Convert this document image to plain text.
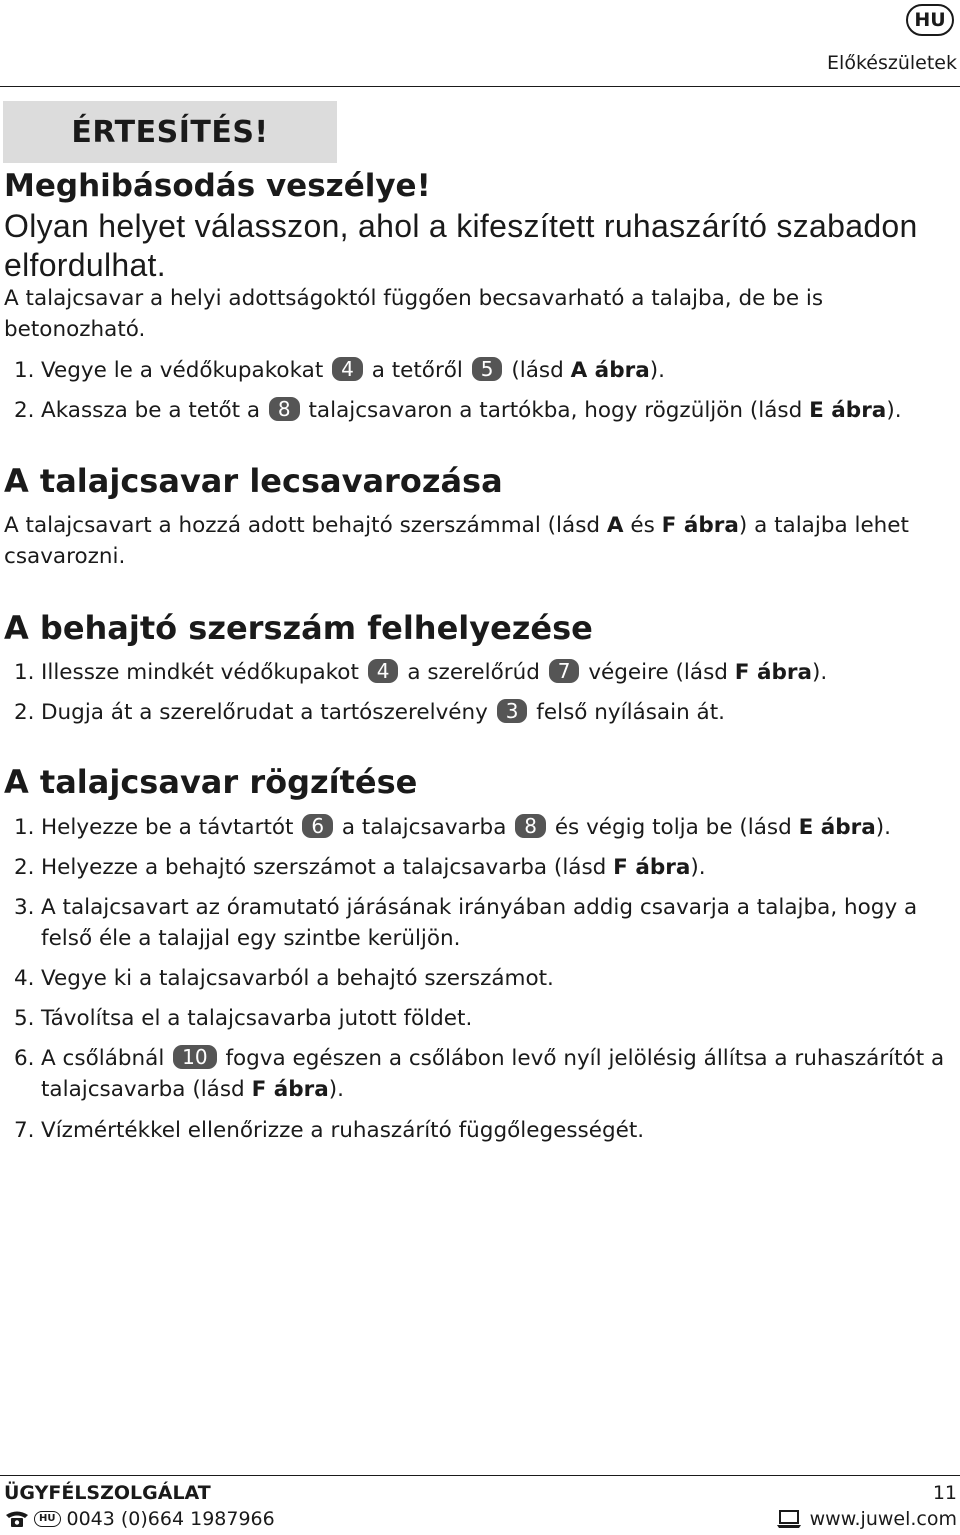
HU
Előkészületek
ÉRTESÍTÉS!
Meghibásodás veszélye!
Olyan helyet válasszon, ahol a kifeszített ruhaszárító szabadon
elfordulhat.
A talajcsavar a helyi adottságoktól függően becsavarható a talajba, de be is betonozható.
1. Vegye le a védőkupakokat 4 a tetőről 5 (lásd A ábra).
2. Akassza be a tetőt a 8 talajcsavaron a tartókba, hogy rögzüljön (lásd E ábra).
A talajcsavar lecsavarozása
A talajcsavart a hozzá adott behajtó szerszámmal (lásd A és F ábra) a talajba lehet csavarozni.
A behajtó szerszám felhelyezése
1. Illessze mindkét védőkupakot 4 a szerelőrúd 7 végeire (lásd F ábra).
2. Dugja át a szerelőrudat a tartószerelvény 3 felső nyílásain át.
A talajcsavar rögzítése
1. Helyezze be a távtartót 6 a talajcsavarba 8 és végig tolja be (lásd E ábra).
2. Helyezze a behajtó szerszámot a talajcsavarba (lásd F ábra).
3. A talajcsavart az óramutató járásának irányában addig csavarja a talajba, hogy a felső éle a talajjal egy szintbe kerüljön.
4. Vegye ki a talajcsavarból a behajtó szerszámot.
5. Távolítsa el a talajcsavarba jutott földet.
6. A csőlábnál 10 fogva egészen a csőlábon levő nyíl jelölésig állítsa a ruhaszárítót a talajcsavarba (lásd F ábra).
7. Vízmértékkel ellenőrizze a ruhaszárító függőlegességét.
ÜGYFÉLSZOLGÁLAT	11
HU 0043 (0)664 1987966	www.juwel.com
